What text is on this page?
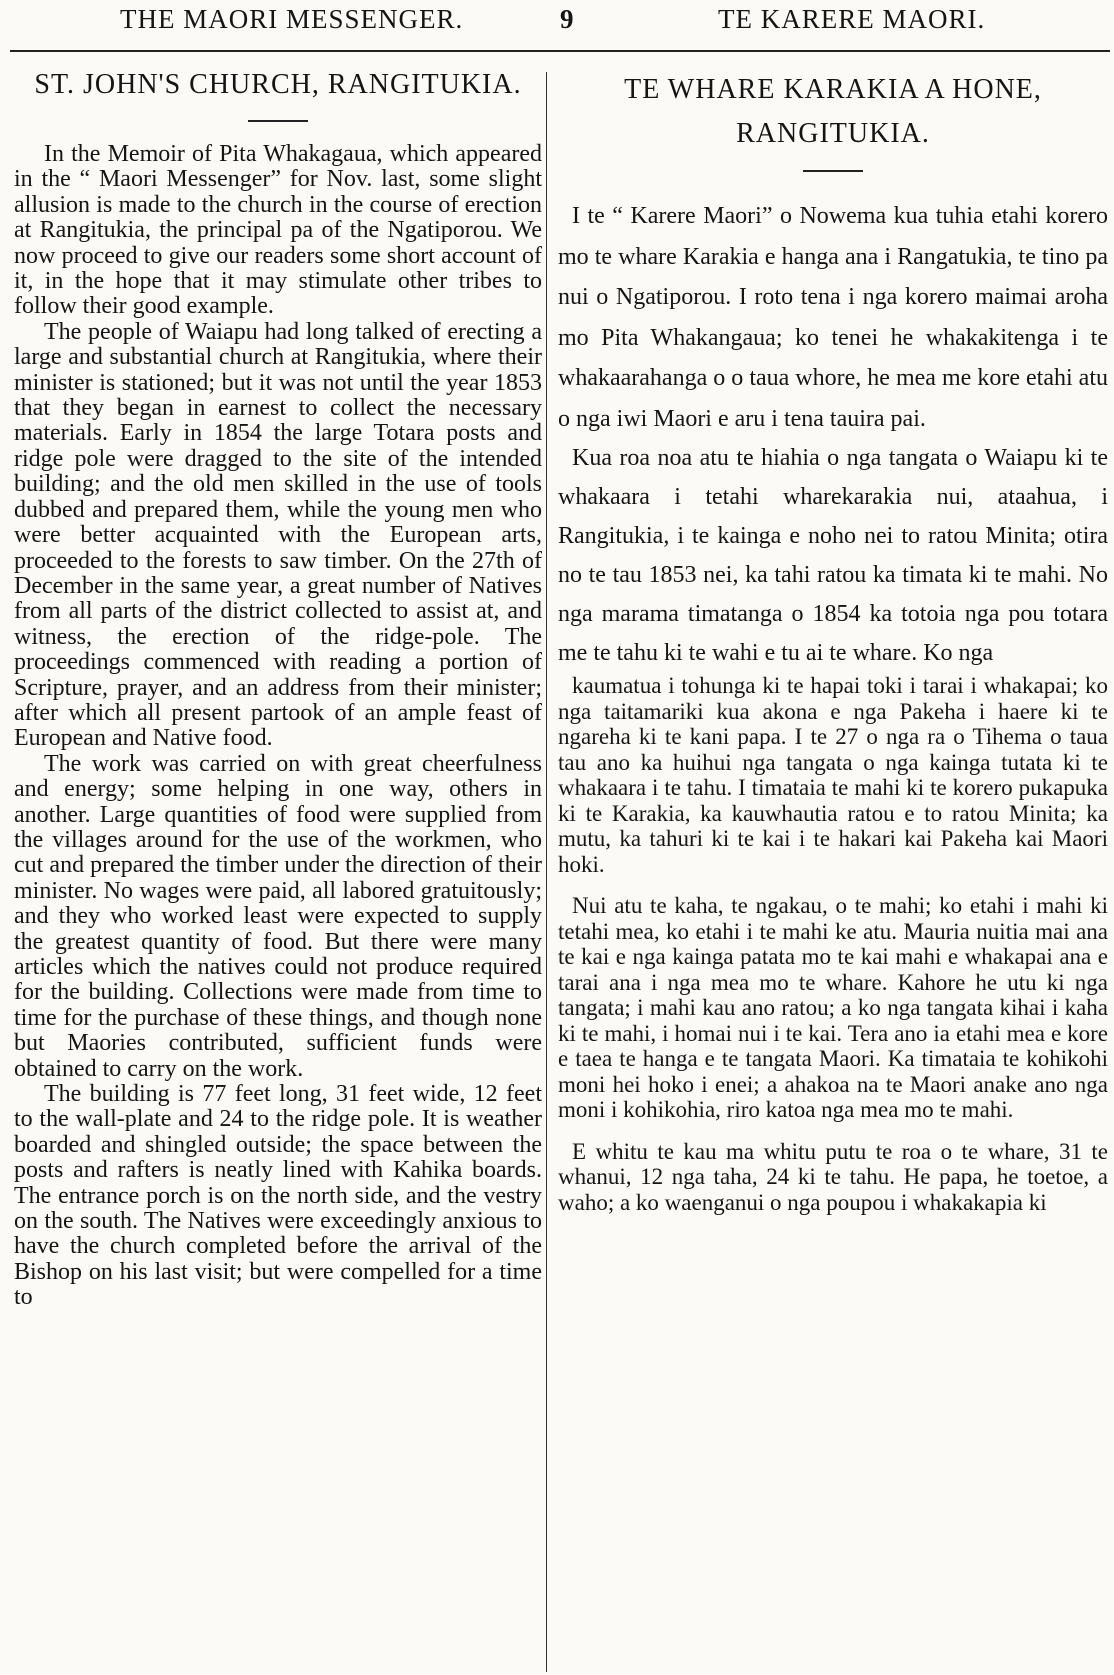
THE MAORI MESSENGER.	9	TE KARERE MAORI.
ST. JOHN'S CHURCH, RANGITUKIA.

In the Memoir of Pita Whakagaua, which appeared in the “ Maori Messenger” for Nov. last, some slight allusion is made to the church in the course of erection at Rangitukia, the principal pa of the Ngatiporou. We now proceed to give our readers some short account of it, in the hope that it may stimulate other tribes to follow their good example.

The people of Waiapu had long talked of erecting a large and substantial church at Rangitukia, where their minister is stationed; but it was not until the year 1853 that they began in earnest to collect the necessary materials. Early in 1854 the large Totara posts and ridge pole were dragged to the site of the intended building; and the old men skilled in the use of tools dubbed and prepared them, while the young men who were better acquainted with the European arts, proceeded to the forests to saw timber. On the 27th of December in the same year, a great number of Natives from all parts of the district collected to assist at, and witness, the erection of the ridge-pole. The proceedings commenced with reading a portion of Scripture, prayer, and an address from their minister; after which all present partook of an ample feast of European and Native food.

The work was carried on with great cheerfulness and energy; some helping in one way, others in another. Large quantities of food were supplied from the villages around for the use of the workmen, who cut and prepared the timber under the direction of their minister. No wages were paid, all labored gratuitously; and they who worked least were expected to supply the greatest quantity of food. But there were many articles which the natives could not produce required for the building. Collections were made from time to time for the purchase of these things, and though none but Maories contributed, sufficient funds were obtained to carry on the work.

The building is 77 feet long, 31 feet wide, 12 feet to the wall-plate and 24 to the ridge pole. It is weather boarded and shingled outside; the space between the posts and rafters is neatly lined with Kahika boards. The entrance porch is on the north side, and the vestry on the south. The Natives were exceedingly anxious to have the church completed before the arrival of the Bishop on his last visit; but were compelled for a time to

TE WHARE KARAKIA A HONE, RANGITUKIA.

I te “ Karere Maori” o Nowema kua tuhia etahi korero mo te whare Karakia e hanga ana i Rangatukia, te tino pa nui o Ngatiporou. I roto tena i nga korero maimai aroha mo Pita Whakangaua; ko tenei he whakakitenga i te whakaarahanga o o taua whore, he mea me kore etahi atu o nga iwi Maori e aru i tena tauira pai.

Kua roa noa atu te hiahia o nga tangata o Waiapu ki te whakaara i tetahi wharekarakia nui, ataahua, i Rangitukia, i te kainga e noho nei to ratou Minita; otira no te tau 1853 nei, ka tahi ratou ka timata ki te mahi. No nga marama timatanga o 1854 ka totoia nga pou totara me te tahu ki te wahi e tu ai te whare. Ko nga

kaumatua i tohunga ki te hapai toki i tarai i whakapai; ko nga taitamariki kua akona e nga Pakeha i haere ki te ngareha ki te kani papa. I te 27 o nga ra o Tihema o taua tau ano ka huihui nga tangata o nga kainga tutata ki te whakaara i te tahu. I timataia te mahi ki te korero pukapuka ki te Karakia, ka kauwhautia ratou e to ratou Minita; ka mutu, ka tahuri ki te kai i te hakari kai Pakeha kai Maori hoki.

Nui atu te kaha, te ngakau, o te mahi; ko etahi i mahi ki tetahi mea, ko etahi i te mahi ke atu. Mauria nuitia mai ana te kai e nga kainga patata mo te kai mahi e whakapai ana e tarai ana i nga mea mo te whare. Kahore he utu ki nga tangata; i mahi kau ano ratou; a ko nga tangata kihai i kaha ki te mahi, i homai nui i te kai. Tera ano ia etahi mea e kore e taea te hanga e te tangata Maori. Ka timataia te kohikohi moni hei hoko i enei; a ahakoa na te Maori anake ano nga moni i kohikohia, riro katoa nga mea mo te mahi.

E whitu te kau ma whitu putu te roa o te whare, 31 te whanui, 12 nga taha, 24 ki te tahu. He papa, he toetoe, a waho; a ko waenganui o nga poupou i whakakapia ki
